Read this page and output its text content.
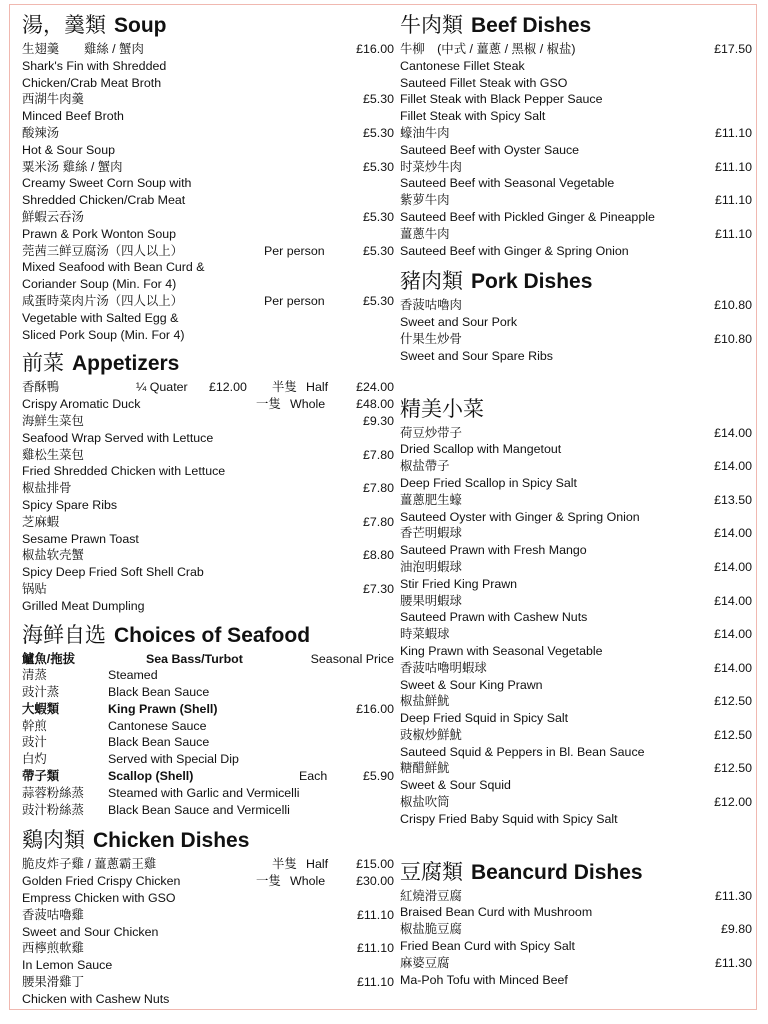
湯，羹類 Soup
生翅羹　　雞絲 / 蟹肉	£16.00
Shark's Fin with Shredded Chicken/Crab Meat Broth
西湖牛肉羹	£5.30
Minced Beef Broth
酸辣汤	£5.30
Hot & Sour Soup
粟米汤 雞絲 / 蟹肉	£5.30
Creamy Sweet Corn Soup with Shredded Chicken/Crab Meat
鮮蝦云吞汤	£5.30
Prawn & Pork Wonton Soup
莞茜三鲜豆腐汤（四人以上）	Per person	£5.30
Mixed Seafood with Bean Curd & Coriander Soup (Min. For 4)
咸蛋時菜肉片汤（四人以上）	Per person	£5.30
Vegetable with Salted Egg & Sliced Pork Soup (Min. For 4)
前菜 Appetizers
香酥鴨	¼ Quater £12.00 半隻 Half £24.00
Crispy Aromatic Duck	一隻 Whole £48.00
海鮮生菜包	£9.30
Seafood Wrap Served with Lettuce
雞松生菜包	£7.80
Fried Shredded Chicken with Lettuce
椒盐排骨	£7.80
Spicy Spare Ribs
芝麻蝦	£7.80
Sesame Prawn Toast
椒盐软壳蟹	£8.80
Spicy Deep Fried Soft Shell Crab
锅贴	£7.30
Grilled Meat Dumpling
海鲜自选 Choices of Seafood
鱸魚/拖拔	Sea Bass/Turbot	Seasonal Price
清蒸	Steamed
豉汁蒸	Black Bean Sauce
大蝦類	King Prawn (Shell)	£16.00
幹煎	Cantonese Sauce
豉汁	Black Bean Sauce
白灼	Served with Special Dip
帶子類	Scallop (Shell)	Each	£5.90
蒜蓉粉絲蒸 Steamed with Garlic and Vermicelli
豉汁粉絲蒸 Black Bean Sauce and Vermicelli
鷄肉類 Chicken Dishes
脆皮炸子雞 / 薑蔥霸王雞	半隻 Half £15.00
Golden Fried Crispy Chicken	一隻 Whole £30.00
Empress Chicken with GSO
香菠咕嚕雞	£11.10
Sweet and Sour Chicken
西檸煎軟雞	£11.10
In Lemon Sauce
腰果滑雞丁	£11.10
Chicken with Cashew Nuts
牛肉類 Beef Dishes
牛柳　(中式 / 薑蔥 / 黑椒 / 椒盐)	£17.50
Cantonese Fillet Steak
Sauteed Fillet Steak with GSO
Fillet Steak with Black Pepper Sauce
Fillet Steak with Spicy Salt
蠔油牛肉	£11.10
Sauteed Beef with Oyster Sauce
时菜炒牛肉	£11.10
Sauteed Beef with Seasonal Vegetable
紫萝牛肉	£11.10
Sauteed Beef with Pickled Ginger & Pineapple
薑蔥牛肉	£11.10
Sauteed Beef with Ginger & Spring Onion
豬肉類 Pork Dishes
香菠咕嚕肉	£10.80
Sweet and Sour Pork
什果生炒骨	£10.80
Sweet and Sour Spare Ribs
精美小菜
荷豆炒带子	£14.00
Dried Scallop with Mangetout
椒盐帶子	£14.00
Deep Fried Scallop in Spicy Salt
薑蔥肥生蠔	£13.50
Sauteed Oyster with Ginger & Spring Onion
香芒明蝦球	£14.00
Sauteed Prawn with Fresh Mango
油泡明蝦球	£14.00
Stir Fried King Prawn
腰果明蝦球	£14.00
Sauteed Prawn with Cashew Nuts
時菜蝦球	£14.00
King Prawn with Seasonal Vegetable
香菠咕嚕明蝦球	£14.00
Sweet & Sour King Prawn
椒盐鮮魷	£12.50
Deep Fried Squid in Spicy Salt
豉椒炒鮮魷	£12.50
Sauteed Squid & Peppers in Bl. Bean Sauce
糖醋鮮魷	£12.50
Sweet & Sour Squid
椒盐吹筒	£12.00
Crispy Fried Baby Squid with Spicy Salt
豆腐類 Beancurd Dishes
紅燒滑豆腐	£11.30
Braised Bean Curd with Mushroom
椒盐脆豆腐	£9.80
Fried Bean Curd with Spicy Salt
麻婆豆腐	£11.30
Ma-Poh Tofu with Minced Beef
